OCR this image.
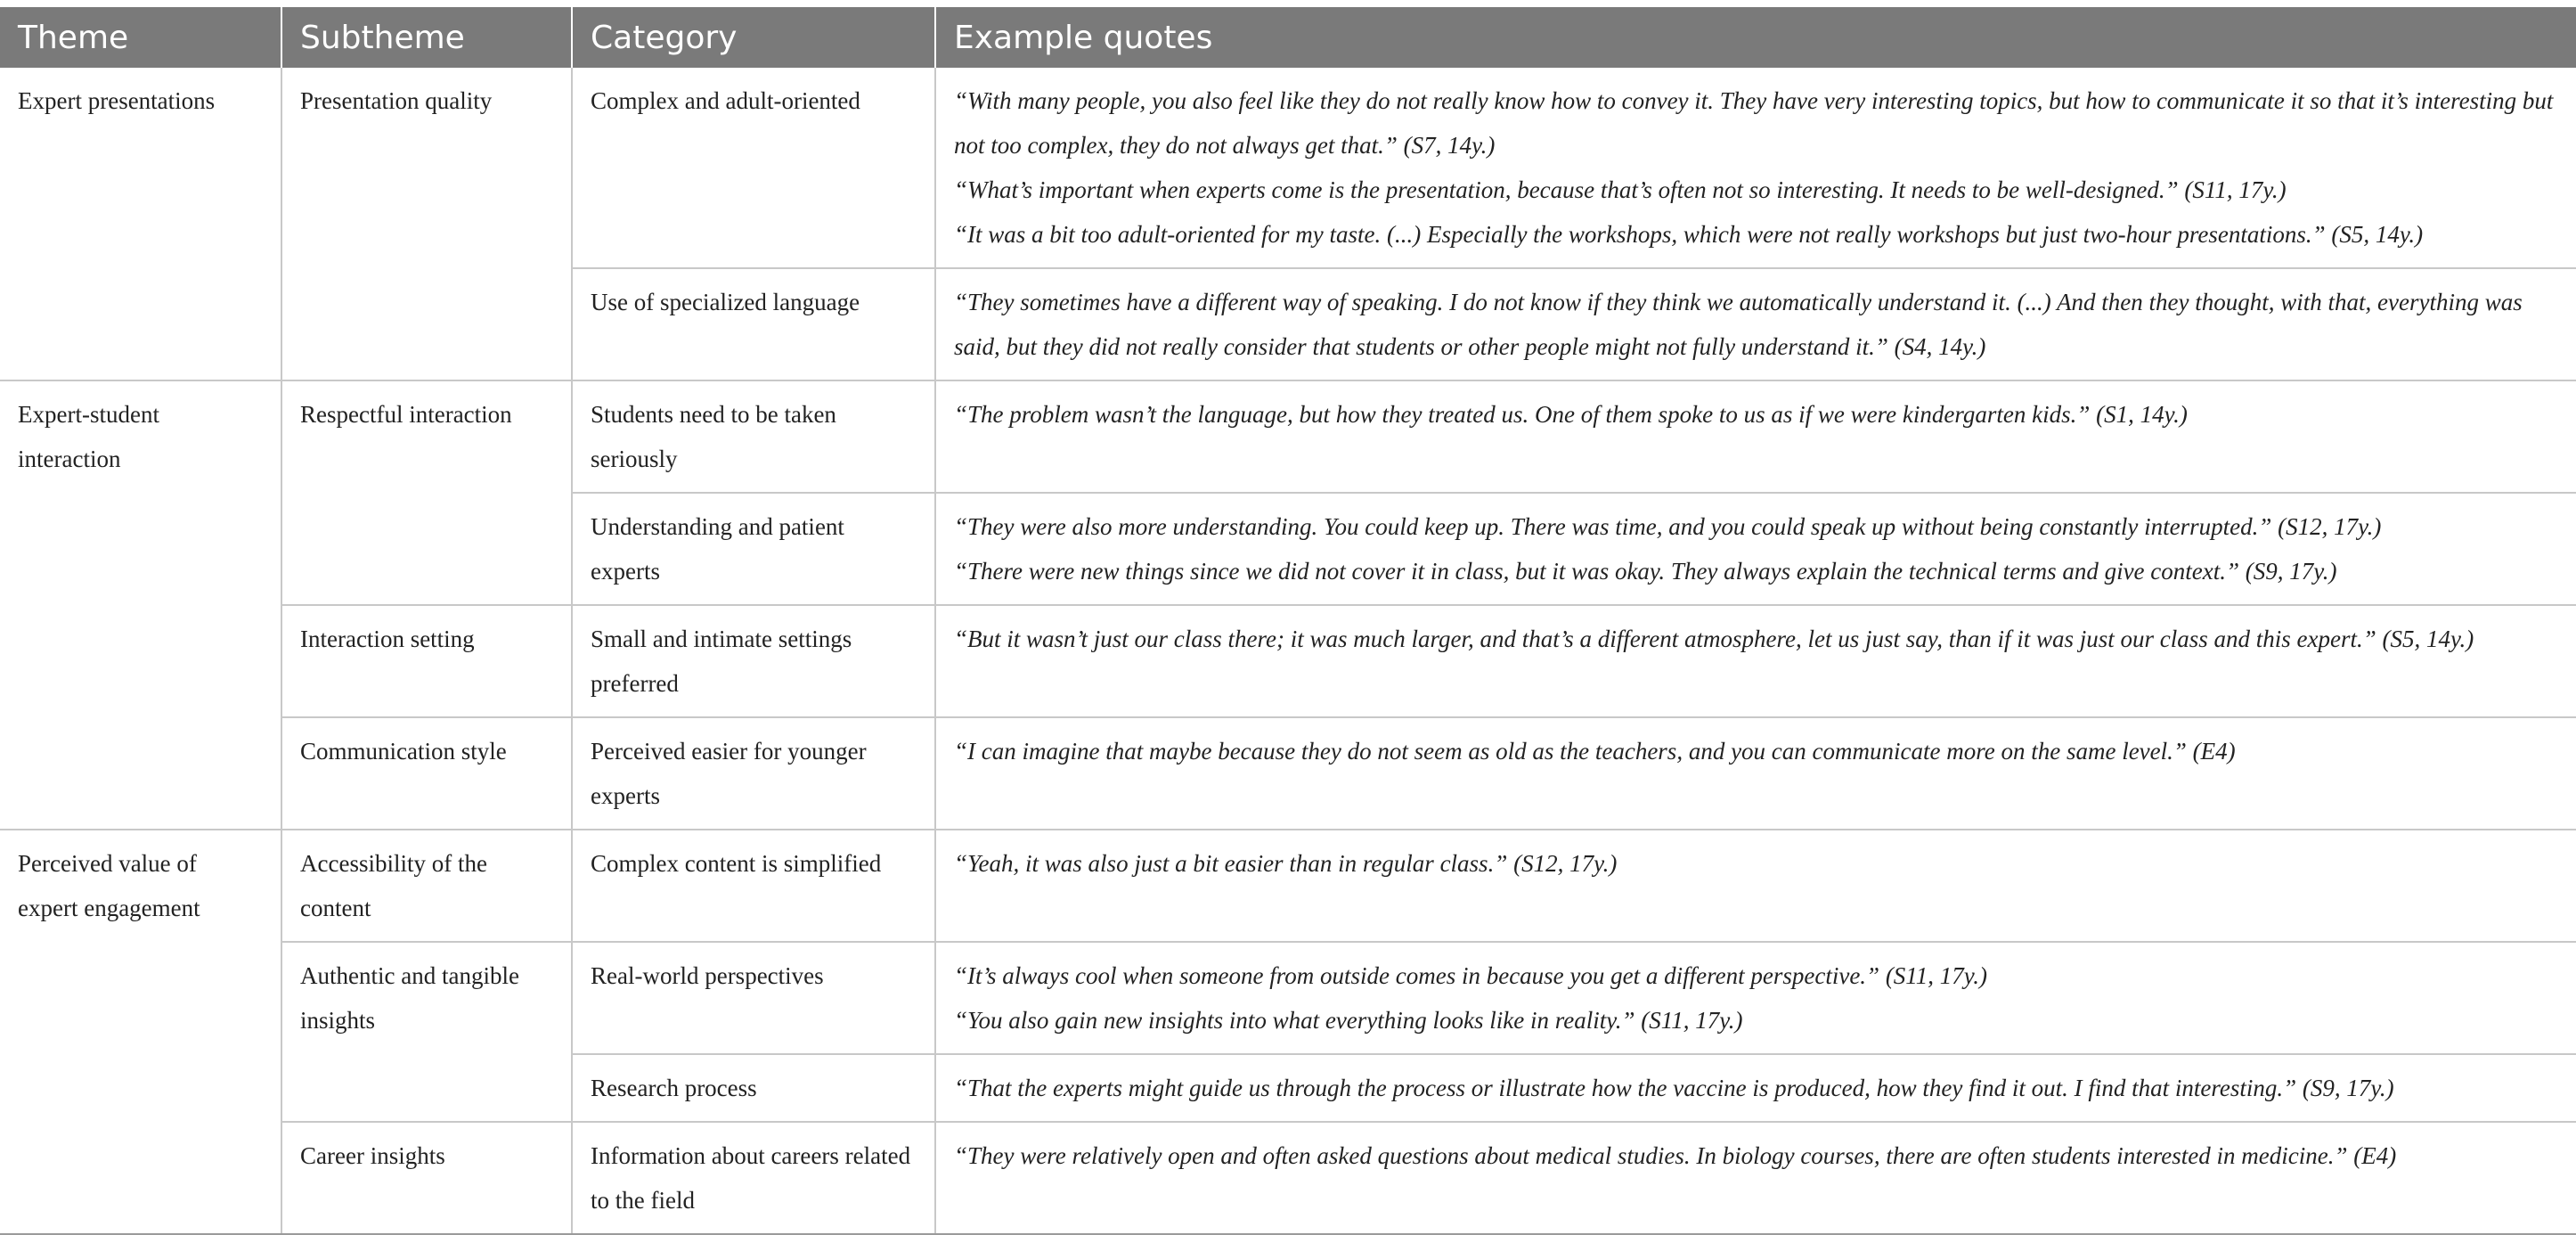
Theme	Subtheme	Category	Example quotes
Expert presentations	Presentation quality	Complex and adult-oriented	“With many people, you also feel like they do not really know how to convey it. They have very interesting topics, but how to communicate it so that it’s interesting but not too complex, they do not always get that.” (S7, 14y.)
“What’s important when experts come is the presentation, because that’s often not so interesting. It needs to be well-designed.” (S11, 17y.)
“It was a bit too adult-oriented for my taste. (...) Especially the workshops, which were not really workshops but just two-hour presentations.” (S5, 14y.)

		Use of specialized language	“They sometimes have a different way of speaking. I do not know if they think we automatically understand it. (...) And then they thought, with that, everything was said, but they did not really consider that students or other people might not fully understand it.” (S4, 14y.)

Expert-student interaction	Respectful interaction	Students need to be taken seriously	“The problem wasn’t the language, but how they treated us. One of them spoke to us as if we were kindergarten kids.” (S1, 14y.)

		Understanding and patient experts	“They were also more understanding. You could keep up. There was time, and you could speak up without being constantly interrupted.” (S12, 17y.)
“There were new things since we did not cover it in class, but it was okay. They always explain the technical terms and give context.” (S9, 17y.)

	Interaction setting	Small and intimate settings preferred	“But it wasn’t just our class there; it was much larger, and that’s a different atmosphere, let us just say, than if it was just our class and this expert.” (S5, 14y.)

	Communication style	Perceived easier for younger experts	“I can imagine that maybe because they do not seem as old as the teachers, and you can communicate more on the same level.” (E4)

Perceived value of expert engagement	Accessibility of the content	Complex content is simplified	“Yeah, it was also just a bit easier than in regular class.” (S12, 17y.)

	Authentic and tangible insights	Real-world perspectives	“It’s always cool when someone from outside comes in because you get a different perspective.” (S11, 17y.)
“You also gain new insights into what everything looks like in reality.” (S11, 17y.)

		Research process	“That the experts might guide us through the process or illustrate how the vaccine is produced, how they find it out. I find that interesting.” (S9, 17y.)

	Career insights	Information about careers related to the field	“They were relatively open and often asked questions about medical studies. In biology courses, there are often students interested in medicine.” (E4)
